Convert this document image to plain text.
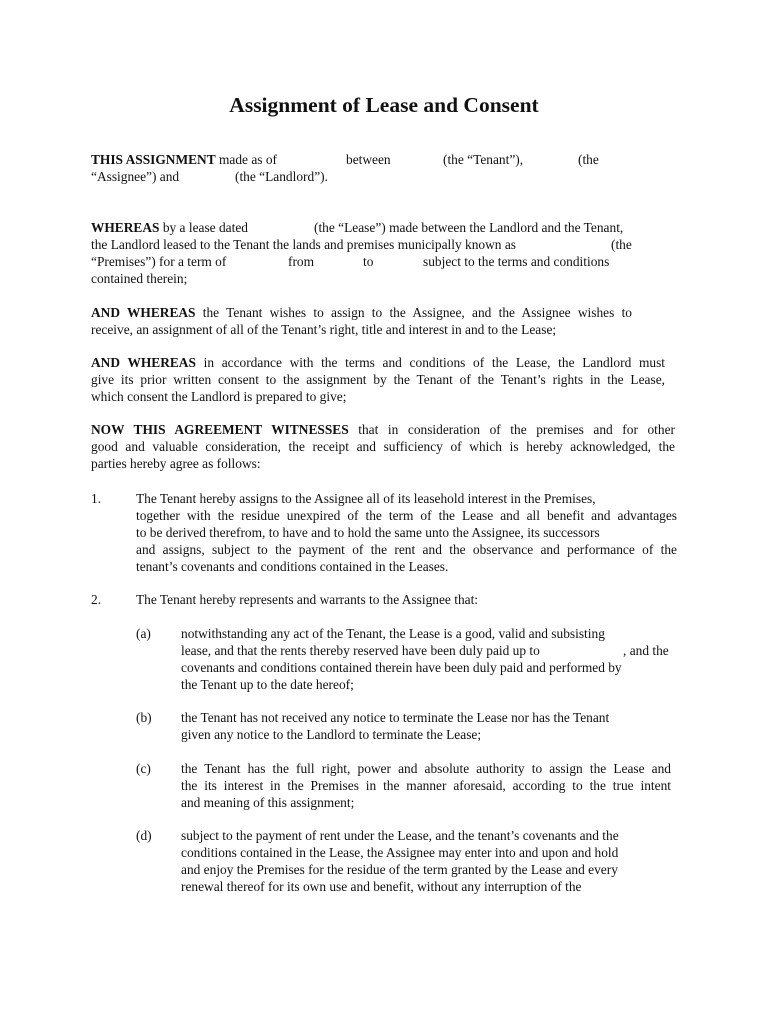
Assignment of Lease and Consent
THIS ASSIGNMENT made as of	between	(the “Tenant”),	(the
“Assignee”) and	(the “Landlord”).
WHEREAS by a lease dated	(the “Lease”) made between the Landlord and the Tenant,
the Landlord leased to the Tenant the lands and premises municipally known as	(the
“Premises”) for a term of	from	to	subject to the terms and conditions
contained therein;
AND WHEREAS the Tenant wishes to assign to the Assignee, and the Assignee wishes to
receive, an assignment of all of the Tenant’s right, title and interest in and to the Lease;
AND WHEREAS in accordance with the terms and conditions of the Lease, the Landlord must
give its prior written consent to the assignment by the Tenant of the Tenant’s rights in the Lease,
which consent the Landlord is prepared to give;
NOW THIS AGREEMENT WITNESSES that in consideration of the premises and for other
good and valuable consideration, the receipt and sufficiency of which is hereby acknowledged, the
parties hereby agree as follows:
1.	The Tenant hereby assigns to the Assignee all of its leasehold interest in the Premises,
together with the residue unexpired of the term of the Lease and all benefit and advantages
to be derived therefrom, to have and to hold the same unto the Assignee, its successors
and assigns, subject to the payment of the rent and the observance and performance of the
tenant’s covenants and conditions contained in the Leases.
2.	The Tenant hereby represents and warrants to the Assignee that:
(a) notwithstanding any act of the Tenant, the Lease is a good, valid and subsisting
lease, and that the rents thereby reserved have been duly paid up to	, and the
covenants and conditions contained therein have been duly paid and performed by
the Tenant up to the date hereof;
(b) the Tenant has not received any notice to terminate the Lease nor has the Tenant
given any notice to the Landlord to terminate the Lease;
(c) the Tenant has the full right, power and absolute authority to assign the Lease and
the its interest in the Premises in the manner aforesaid, according to the true intent
and meaning of this assignment;
(d) subject to the payment of rent under the Lease, and the tenant’s covenants and the
conditions contained in the Lease, the Assignee may enter into and upon and hold
and enjoy the Premises for the residue of the term granted by the Lease and every
renewal thereof for its own use and benefit, without any interruption of the
